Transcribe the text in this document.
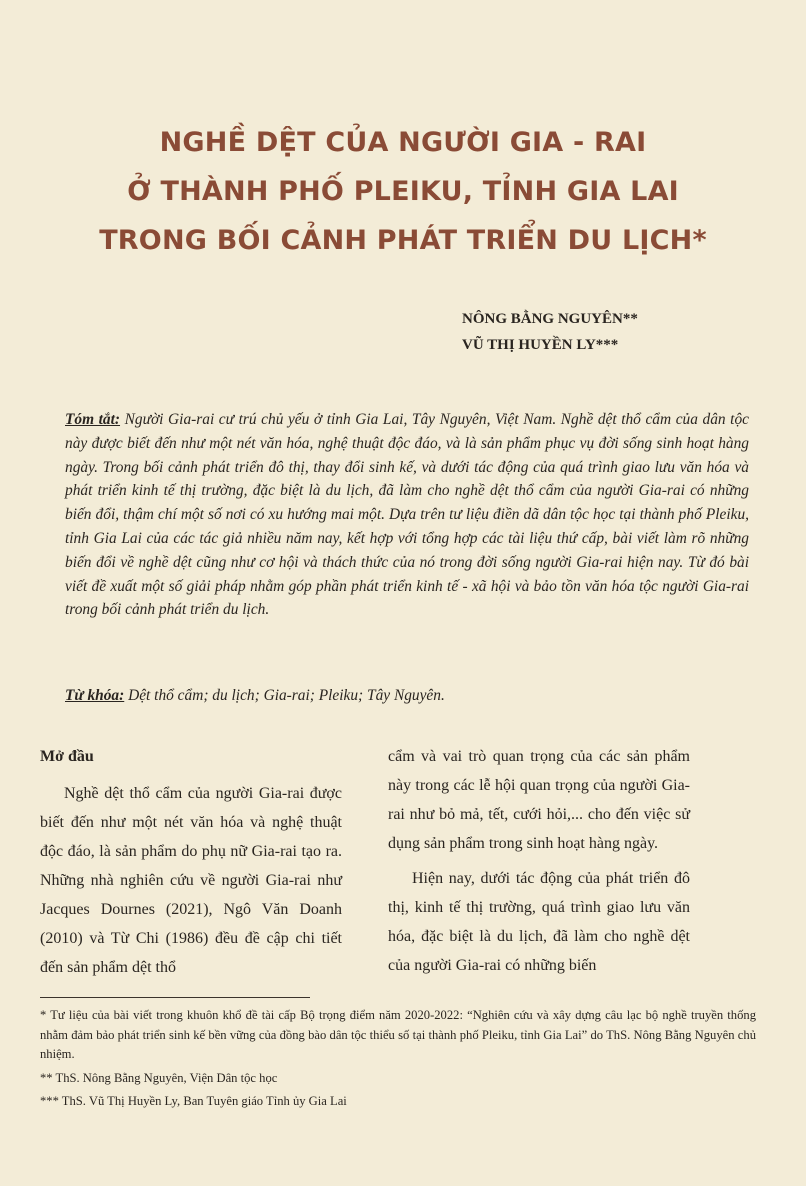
NGHỀ DỆT CỦA NGƯỜI GIA - RAI
Ở THÀNH PHỐ PLEIKU, TỈNH GIA LAI
TRONG BỐI CẢNH PHÁT TRIỂN DU LỊCH*
NÔNG BẰNG NGUYÊN**
VŨ THỊ HUYỀN LY***
Tóm tắt: Người Gia-rai cư trú chủ yếu ở tỉnh Gia Lai, Tây Nguyên, Việt Nam. Nghề dệt thổ cẩm của dân tộc này được biết đến như một nét văn hóa, nghệ thuật độc đáo, và là sản phẩm phục vụ đời sống sinh hoạt hàng ngày. Trong bối cảnh phát triển đô thị, thay đổi sinh kế, và dưới tác động của quá trình giao lưu văn hóa và phát triển kinh tế thị trường, đặc biệt là du lịch, đã làm cho nghề dệt thổ cẩm của người Gia-rai có những biến đổi, thậm chí một số nơi có xu hướng mai một. Dựa trên tư liệu điền dã dân tộc học tại thành phố Pleiku, tỉnh Gia Lai của các tác giả nhiều năm nay, kết hợp với tổng hợp các tài liệu thứ cấp, bài viết làm rõ những biến đổi về nghề dệt cũng như cơ hội và thách thức của nó trong đời sống người Gia-rai hiện nay. Từ đó bài viết đề xuất một số giải pháp nhằm góp phần phát triển kinh tế - xã hội và bảo tồn văn hóa tộc người Gia-rai trong bối cảnh phát triển du lịch.
Từ khóa: Dệt thổ cẩm; du lịch; Gia-rai; Pleiku; Tây Nguyên.
Mở đầu

Nghề dệt thổ cẩm của người Gia-rai được biết đến như một nét văn hóa và nghệ thuật độc đáo, là sản phẩm do phụ nữ Gia-rai tạo ra. Những nhà nghiên cứu về người Gia-rai như Jacques Dournes (2021), Ngô Văn Doanh (2010) và Từ Chi (1986) đều đề cập chi tiết đến sản phẩm dệt thổ

cẩm và vai trò quan trọng của các sản phẩm này trong các lễ hội quan trọng của người Gia-rai như bỏ mả, tết, cưới hỏi,... cho đến việc sử dụng sản phẩm trong sinh hoạt hàng ngày.

Hiện nay, dưới tác động của phát triển đô thị, kinh tế thị trường, quá trình giao lưu văn hóa, đặc biệt là du lịch, đã làm cho nghề dệt của người Gia-rai có những biến

* Tư liệu của bài viết trong khuôn khổ đề tài cấp Bộ trọng điểm năm 2020-2022: “Nghiên cứu và xây dựng câu lạc bộ nghề truyền thống nhằm đảm bảo phát triển sinh kế bền vững của đồng bào dân tộc thiểu số tại thành phố Pleiku, tỉnh Gia Lai” do ThS. Nông Bằng Nguyên chủ nhiệm.
** ThS. Nông Bằng Nguyên, Viện Dân tộc học
*** ThS. Vũ Thị Huyền Ly, Ban Tuyên giáo Tỉnh ủy Gia Lai
